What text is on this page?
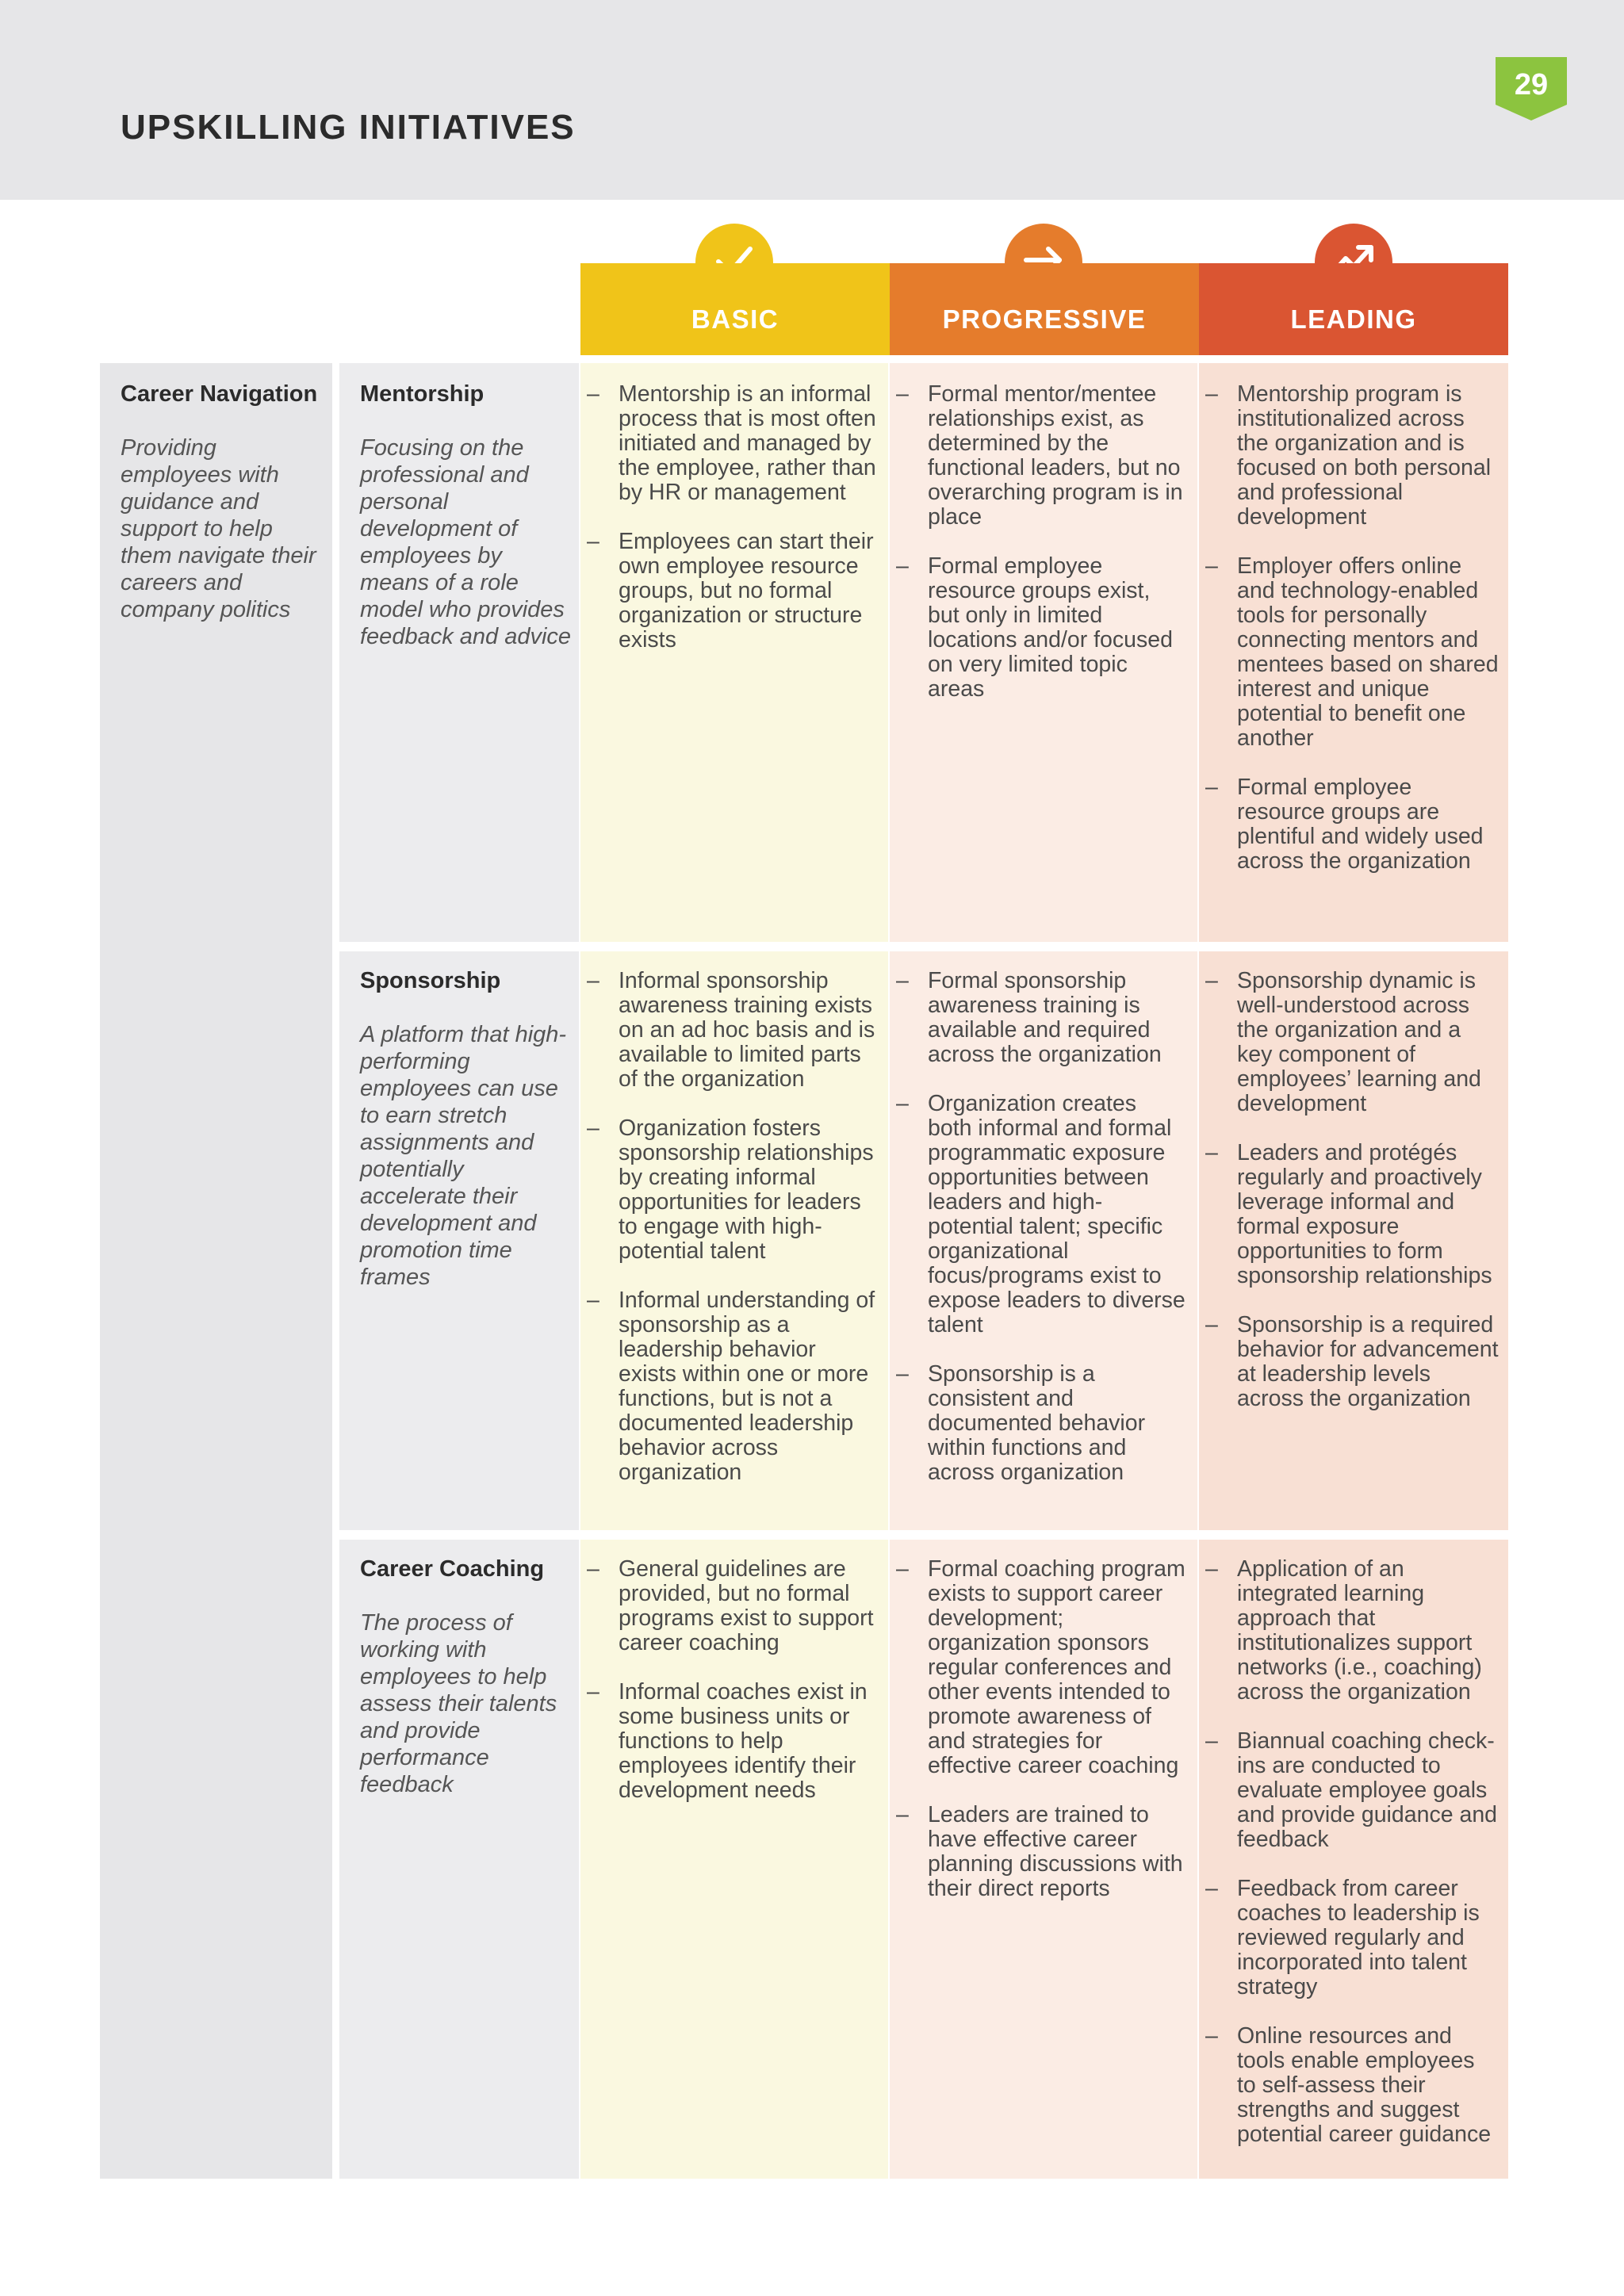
UPSKILLING INITIATIVES
29
BASIC	PROGRESSIVE	LEADING
Career Navigation
Providing employees with guidance and support to help them navigate their careers and company politics
Mentorship
Focusing on the professional and personal development of employees by means of a role model who provides feedback and advice
– Mentorship is an informal process that is most often initiated and managed by the employee, rather than by HR or management
– Employees can start their own employee resource groups, but no formal organization or structure exists
– Formal mentor/mentee relationships exist, as determined by the functional leaders, but no overarching program is in place
– Formal employee resource groups exist, but only in limited locations and/or focused on very limited topic areas
– Mentorship program is institutionalized across the organization and is focused on both personal and professional development
– Employer offers online and technology-enabled tools for personally connecting mentors and mentees based on shared interest and unique potential to benefit one another
– Formal employee resource groups are plentiful and widely used across the organization
Sponsorship
A platform that high-performing employees can use to earn stretch assignments and potentially accelerate their development and promotion time frames
– Informal sponsorship awareness training exists on an ad hoc basis and is available to limited parts of the organization
– Organization fosters sponsorship relationships by creating informal opportunities for leaders to engage with high-potential talent
– Informal understanding of sponsorship as a leadership behavior exists within one or more functions, but is not a documented leadership behavior across organization
– Formal sponsorship awareness training is available and required across the organization
– Organization creates both informal and formal programmatic exposure opportunities between leaders and high-potential talent; specific organizational focus/programs exist to expose leaders to diverse talent
– Sponsorship is a consistent and documented behavior within functions and across organization
– Sponsorship dynamic is well-understood across the organization and a key component of employees’ learning and development
– Leaders and protégés regularly and proactively leverage informal and formal exposure opportunities to form sponsorship relationships
– Sponsorship is a required behavior for advancement at leadership levels across the organization
Career Coaching
The process of working with employees to help assess their talents and provide performance feedback
– General guidelines are provided, but no formal programs exist to support career coaching
– Informal coaches exist in some business units or functions to help employees identify their development needs
– Formal coaching program exists to support career development; organization sponsors regular conferences and other events intended to promote awareness of and strategies for effective career coaching
– Leaders are trained to have effective career planning discussions with their direct reports
– Application of an integrated learning approach that institutionalizes support networks (i.e., coaching) across the organization
– Biannual coaching check-ins are conducted to evaluate employee goals and provide guidance and feedback
– Feedback from career coaches to leadership is reviewed regularly and incorporated into talent strategy
– Online resources and tools enable employees to self-assess their strengths and suggest potential career guidance
